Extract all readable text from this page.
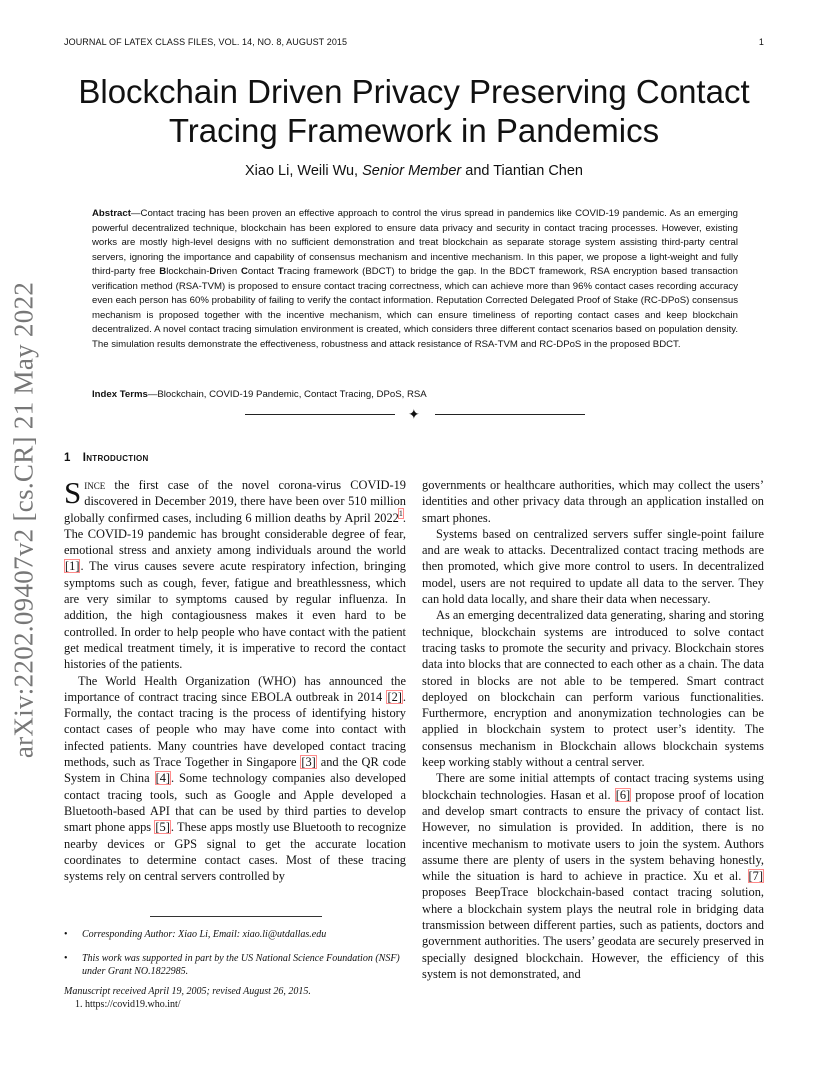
JOURNAL OF LATEX CLASS FILES, VOL. 14, NO. 8, AUGUST 2015	1
arXiv:2202.09407v2 [cs.CR] 21 May 2022
Blockchain Driven Privacy Preserving Contact Tracing Framework in Pandemics
Xiao Li, Weili Wu, Senior Member and Tiantian Chen

Abstract—Contact tracing has been proven an effective approach to control the virus spread in pandemics like COVID-19 pandemic. As an emerging powerful decentralized technique, blockchain has been explored to ensure data privacy and security in contact tracing processes. However, existing works are mostly high-level designs with no sufficient demonstration and treat blockchain as separate storage system assisting third-party central servers, ignoring the importance and capability of consensus mechanism and incentive mechanism. In this paper, we propose a light-weight and fully third-party free Blockchain-Driven Contact Tracing framework (BDCT) to bridge the gap. In the BDCT framework, RSA encryption based transaction verification method (RSA-TVM) is proposed to ensure contact tracing correctness, which can achieve more than 96% contact cases recording accuracy even each person has 60% probability of failing to verify the contact information. Reputation Corrected Delegated Proof of Stake (RC-DPoS) consensus mechanism is proposed together with the incentive mechanism, which can ensure timeliness of reporting contact cases and keep blockchain decentralized. A novel contact tracing simulation environment is created, which considers three different contact scenarios based on population density. The simulation results demonstrate the effectiveness, robustness and attack resistance of RSA-TVM and RC-DPoS in the proposed BDCT.

Index Terms—Blockchain, COVID-19 Pandemic, Contact Tracing, DPoS, RSA

✦
1 Introduction

Since the first case of the novel corona-virus COVID-19 discovered in December 2019, there have been over 510 million globally confirmed cases, including 6 million deaths by April 2022$^1$. The COVID-19 pandemic has brought considerable degree of fear, emotional stress and anxiety among individuals around the world [1]. The virus causes severe acute respiratory infection, bringing symptoms such as cough, fever, fatigue and breathlessness, which are very similar to symptoms caused by regular influenza. In addition, the high contagiousness makes it even hard to be controlled. In order to help people who have contact with the patient get medical treatment timely, it is imperative to record the contact histories of the patients.

The World Health Organization (WHO) has announced the importance of contract tracing since EBOLA outbreak in 2014 [2]. Formally, the contact tracing is the process of identifying history contact cases of people who may have come into contact with infected patients. Many countries have developed contact tracing methods, such as Trace Together in Singapore [3] and the QR code System in China [4]. Some technology companies also developed contact tracing tools, such as Google and Apple developed a Bluetooth-based API that can be used by third parties to develop smart phone apps [5]. These apps mostly use Bluetooth to recognize nearby devices or GPS signal to get the accurate location coordinates to determine contact cases. Most of these tracing systems rely on central servers controlled by

governments or healthcare authorities, which may collect the users’ identities and other privacy data through an application installed on smart phones.

Systems based on centralized servers suffer single-point failure and are weak to attacks. Decentralized contact tracing methods are then promoted, which give more control to users. In decentralized model, users are not required to update all data to the server. They can hold data locally, and share their data when necessary.

As an emerging decentralized data generating, sharing and storing technique, blockchain systems are introduced to solve contact tracing tasks to promote the security and privacy. Blockchain stores data into blocks that are connected to each other as a chain. The data stored in blocks are not able to be tempered. Smart contract deployed on blockchain can perform various functionalities. Furthermore, encryption and anonymization technologies can be applied in blockchain system to protect user’s identity. The consensus mechanism in Blockchain allows blockchain systems keep working stably without a central server.

There are some initial attempts of contact tracing systems using blockchain technologies. Hasan et al. [6] propose proof of location and develop smart contracts to ensure the privacy of contact list. However, no simulation is provided. In addition, there is no incentive mechanism to motivate users to join the system. Authors assume there are plenty of users in the system behaving honestly, while the situation is hard to achieve in practice. Xu et al. [7] proposes BeepTrace blockchain-based contact tracing solution, where a blockchain system plays the neutral role in bridging data transmission between different parties, such as patients, doctors and government authorities. The users’ geodata are securely preserved in specially designed blockchain. However, the efficiency of this system is not demonstrated, and

• Corresponding Author: Xiao Li, Email: xiao.li@utdallas.edu
• This work was supported in part by the US National Science Foundation (NSF) under Grant NO.1822985.
Manuscript received April 19, 2005; revised August 26, 2015.
1. https://covid19.who.int/
